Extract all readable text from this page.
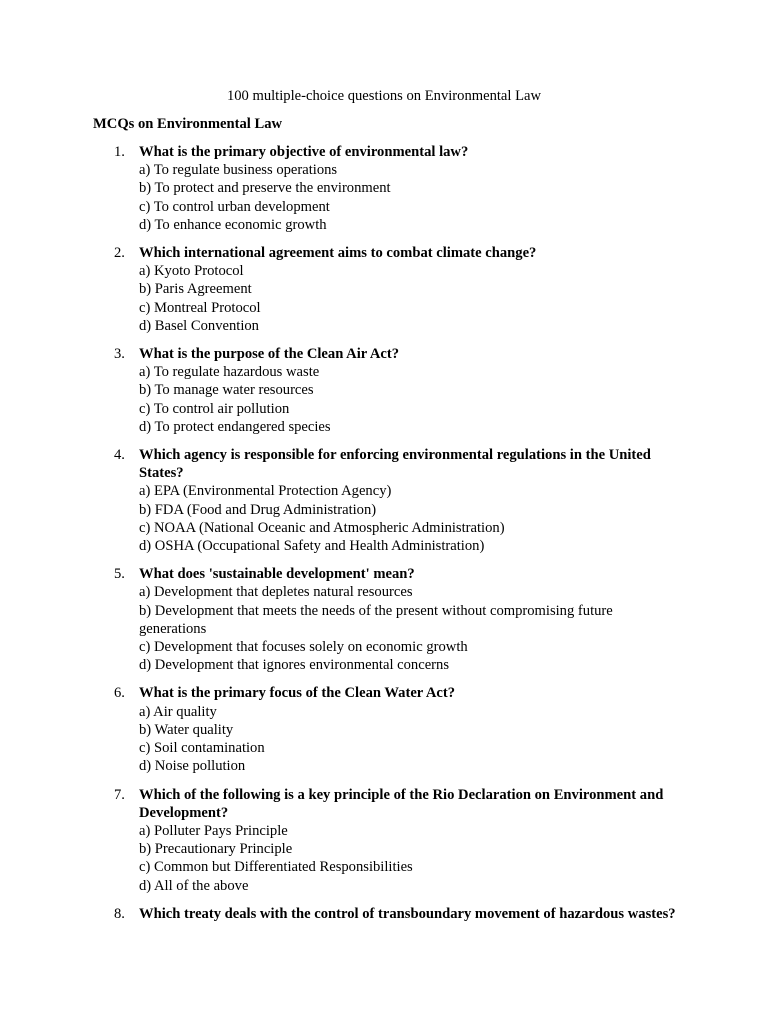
100 multiple-choice questions on Environmental Law
MCQs on Environmental Law
1. What is the primary objective of environmental law?
a) To regulate business operations
b) To protect and preserve the environment
c) To control urban development
d) To enhance economic growth
2. Which international agreement aims to combat climate change?
a) Kyoto Protocol
b) Paris Agreement
c) Montreal Protocol
d) Basel Convention
3. What is the purpose of the Clean Air Act?
a) To regulate hazardous waste
b) To manage water resources
c) To control air pollution
d) To protect endangered species
4. Which agency is responsible for enforcing environmental regulations in the United States?
a) EPA (Environmental Protection Agency)
b) FDA (Food and Drug Administration)
c) NOAA (National Oceanic and Atmospheric Administration)
d) OSHA (Occupational Safety and Health Administration)
5. What does 'sustainable development' mean?
a) Development that depletes natural resources
b) Development that meets the needs of the present without compromising future generations
c) Development that focuses solely on economic growth
d) Development that ignores environmental concerns
6. What is the primary focus of the Clean Water Act?
a) Air quality
b) Water quality
c) Soil contamination
d) Noise pollution
7. Which of the following is a key principle of the Rio Declaration on Environment and Development?
a) Polluter Pays Principle
b) Precautionary Principle
c) Common but Differentiated Responsibilities
d) All of the above
8. Which treaty deals with the control of transboundary movement of hazardous wastes?
